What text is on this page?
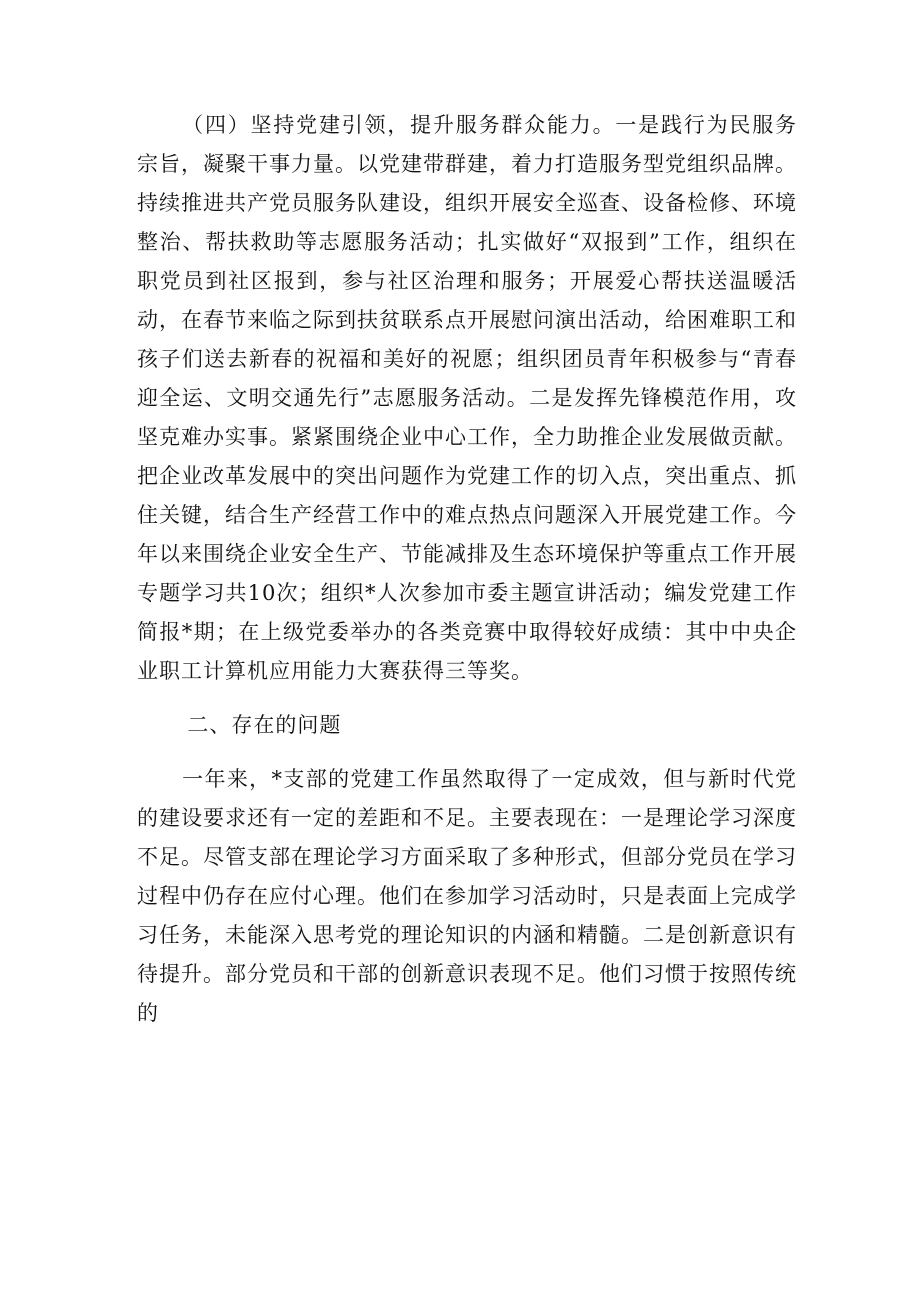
（四）坚持党建引领，提升服务群众能力。一是践行为民服务宗旨，凝聚干事力量。以党建带群建，着力打造服务型党组织品牌。持续推进共产党员服务队建设，组织开展安全巡查、设备检修、环境整治、帮扶救助等志愿服务活动；扎实做好“双报到”工作，组织在职党员到社区报到，参与社区治理和服务；开展爱心帮扶送温暖活动，在春节来临之际到扶贫联系点开展慰问演出活动，给困难职工和孩子们送去新春的祝福和美好的祝愿；组织团员青年积极参与“青春迎全运、文明交通先行”志愿服务活动。二是发挥先锋模范作用，攻坚克难办实事。紧紧围绕企业中心工作，全力助推企业发展做贡献。把企业改革发展中的突出问题作为党建工作的切入点，突出重点、抓住关键，结合生产经营工作中的难点热点问题深入开展党建工作。今年以来围绕企业安全生产、节能减排及生态环境保护等重点工作开展专题学习共10次；组织*人次参加市委主题宣讲活动；编发党建工作简报*期；在上级党委举办的各类竞赛中取得较好成绩：其中中央企业职工计算机应用能力大赛获得三等奖。

二、存在的问题

一年来，*支部的党建工作虽然取得了一定成效，但与新时代党的建设要求还有一定的差距和不足。主要表现在：一是理论学习深度不足。尽管支部在理论学习方面采取了多种形式，但部分党员在学习过程中仍存在应付心理。他们在参加学习活动时，只是表面上完成学习任务，未能深入思考党的理论知识的内涵和精髓。二是创新意识有待提升。部分党员和干部的创新意识表现不足。他们习惯于按照传统的
